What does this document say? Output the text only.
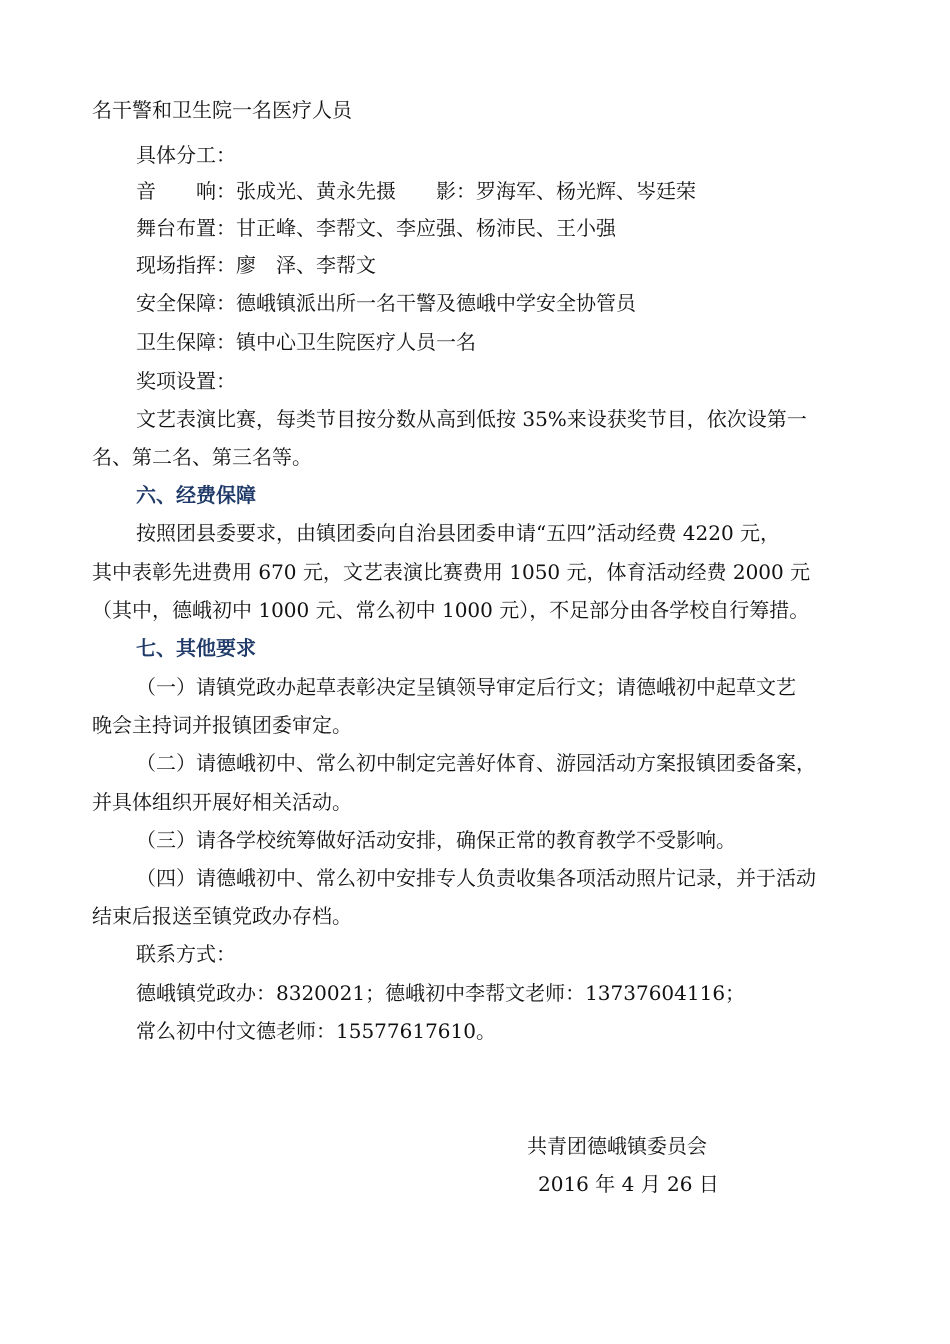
名干警和卫生院一名医疗人员
具体分工：
音　　响：张成光、黄永先摄　　影：罗海军、杨光辉、岑廷荣
舞台布置：甘正峰、李帮文、李应强、杨沛民、王小强
现场指挥：廖　泽、李帮文
安全保障：德峨镇派出所一名干警及德峨中学安全协管员
卫生保障：镇中心卫生院医疗人员一名
奖项设置：
文艺表演比赛，每类节目按分数从高到低按 35%来设获奖节目，依次设第一
名、第二名、第三名等。
六、经费保障
按照团县委要求，由镇团委向自治县团委申请“五四”活动经费 4220 元，
其中表彰先进费用 670 元，文艺表演比赛费用 1050 元，体育活动经费 2000 元
（其中，德峨初中 1000 元、常么初中 1000 元），不足部分由各学校自行筹措。
七、其他要求
（一）请镇党政办起草表彰决定呈镇领导审定后行文；请德峨初中起草文艺
晚会主持词并报镇团委审定。
（二）请德峨初中、常么初中制定完善好体育、游园活动方案报镇团委备案，
并具体组织开展好相关活动。
（三）请各学校统筹做好活动安排，确保正常的教育教学不受影响。
（四）请德峨初中、常么初中安排专人负责收集各项活动照片记录，并于活动
结束后报送至镇党政办存档。
联系方式：
德峨镇党政办：8320021；德峨初中李帮文老师：13737604116；
常么初中付文德老师：15577617610。
共青团德峨镇委员会
2016 年 4 月 26 日
